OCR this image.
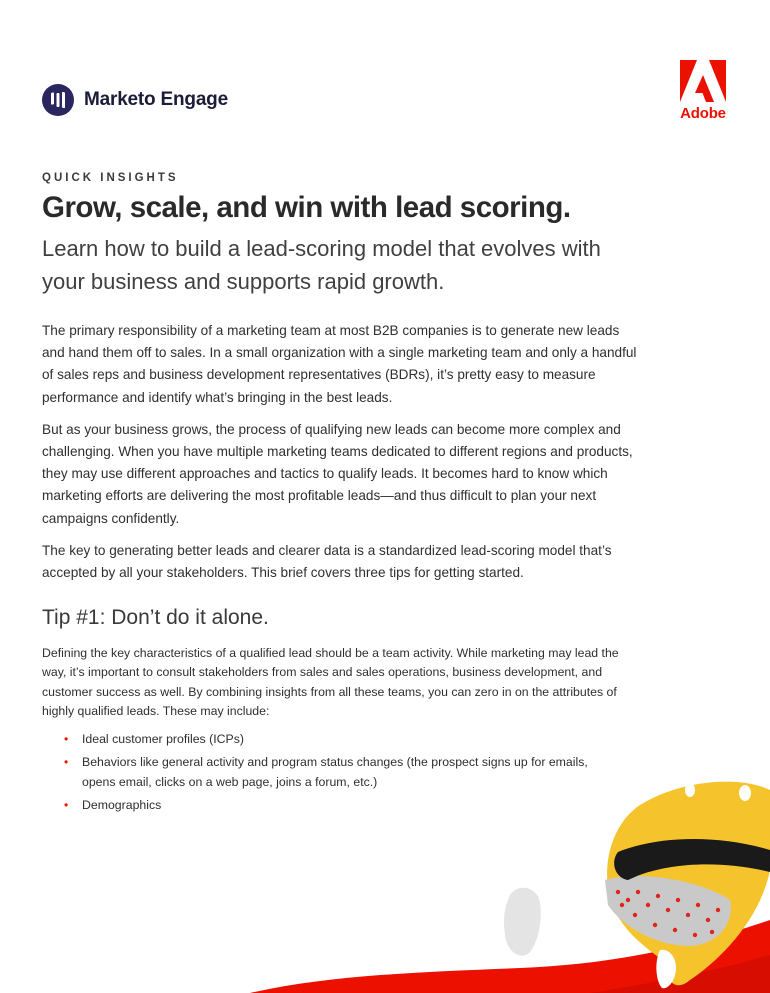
Marketo Engage
Adobe
QUICK INSIGHTS
Grow, scale, and win with lead scoring.
Learn how to build a lead-scoring model that evolves with your business and supports rapid growth.

The primary responsibility of a marketing team at most B2B companies is to generate new leads and hand them off to sales. In a small organization with a single marketing team and only a handful of sales reps and business development representatives (BDRs), it’s pretty easy to measure performance and identify what’s bringing in the best leads.

But as your business grows, the process of qualifying new leads can become more complex and challenging. When you have multiple marketing teams dedicated to different regions and products, they may use different approaches and tactics to qualify leads. It becomes hard to know which marketing efforts are delivering the most profitable leads—and thus difficult to plan your next campaigns confidently.

The key to generating better leads and clearer data is a standardized lead-scoring model that’s accepted by all your stakeholders. This brief covers three tips for getting started.

Tip #1: Don’t do it alone.

Defining the key characteristics of a qualified lead should be a team activity. While marketing may lead the way, it’s important to consult stakeholders from sales and sales operations, business development, and customer success as well. By combining insights from all these teams, you can zero in on the attributes of highly qualified leads. These may include:

• Ideal customer profiles (ICPs)
• Behaviors like general activity and program status changes (the prospect signs up for emails, opens email, clicks on a web page, joins a forum, etc.)
• Demographics
